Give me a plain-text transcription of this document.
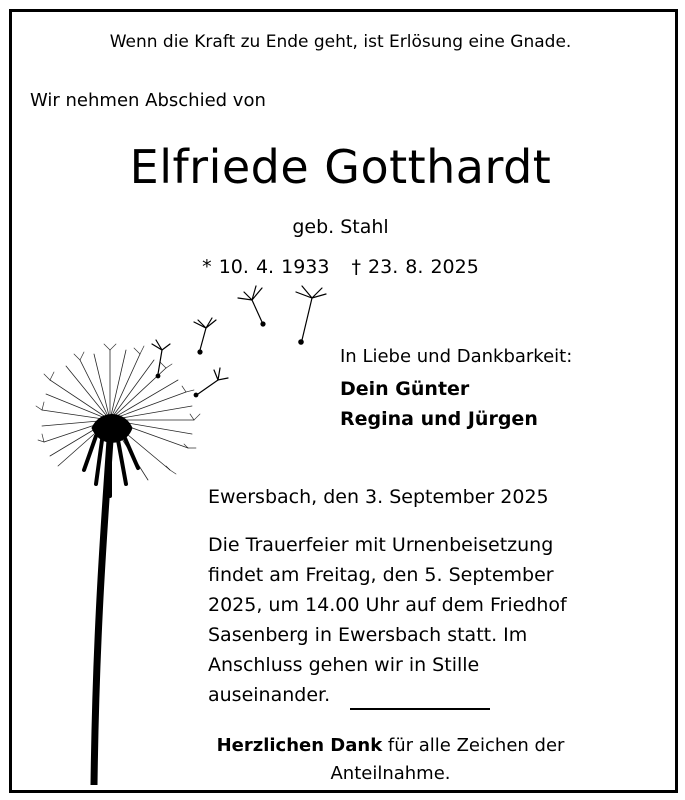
Wenn die Kraft zu Ende geht, ist Erlösung eine Gnade.
Wir nehmen Abschied von
Elfriede Gotthardt
geb. Stahl
* 10. 4. 1933 † 23. 8. 2025
In Liebe und Dankbarkeit:
Dein Günter
Regina und Jürgen
Ewersbach, den 3. September 2025
Die Trauerfeier mit Urnenbeisetzung
findet am Freitag, den 5. September
2025, um 14.00 Uhr auf dem Friedhof
Sasenberg in Ewersbach statt. Im
Anschluss gehen wir in Stille
auseinander.
Herzlichen Dank für alle Zeichen der
Anteilnahme.
